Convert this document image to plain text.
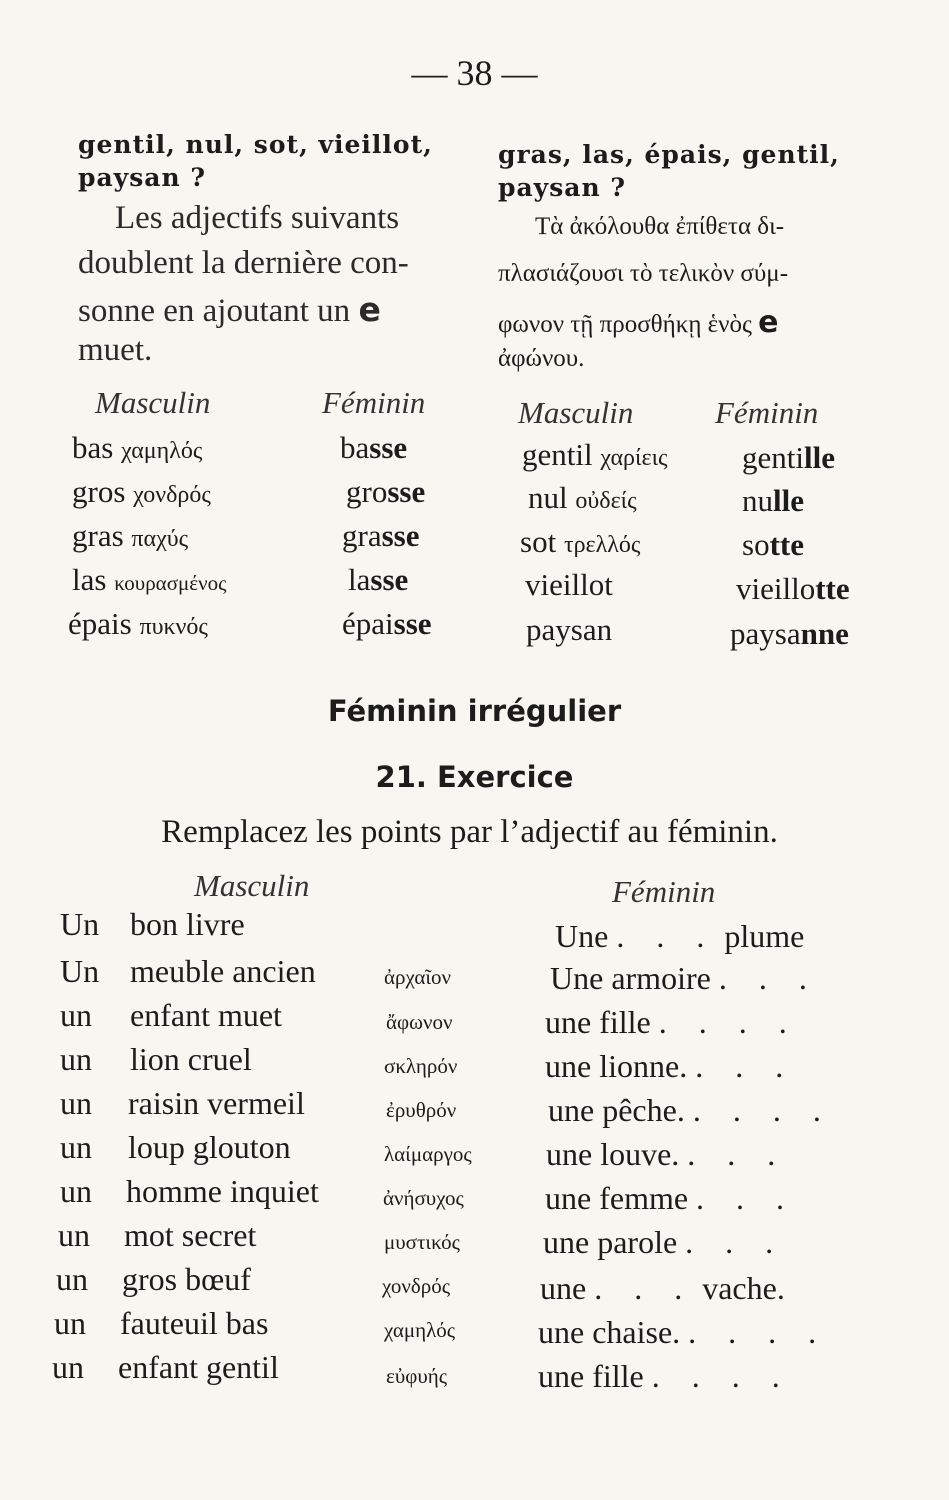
— 38 —
gentil, nul, sot, vieillot,
paysan ?
Les adjectifs suivants
doublent la dernière con-
sonne en ajoutant un e
muet.
Masculin	Féminin
bas χαμηλός	basse
gros χονδρός	grosse
gras παχύς	grasse
las κουρασμένος	lasse
épais πυκνός	épaisse
gras, las, épais, gentil,
paysan ?
Τὰ ἀκόλουθα ἐπίθετα δι-
πλασιάζουσι τὸ τελικὸν σύμ-
φωνον τῇ προσθήκῃ ἑνὸς e
ἀφώνου.
Masculin	Féminin
gentil χαρίεις gentille
nul οὐδείς	nulle
sot τρελλός	sotte
vieillot	vieillotte
paysan	paysanne
Féminin irrégulier
21. Exercice
Remplacez les points par l’adjectif au féminin.
Masculin	Féminin
Un bon livre	Une . . . plume
Un meuble ancien	ἀρχαῖον	Une armoire . . .
un enfant muet	ἄφωνον	une fille . . . .
un lion cruel	σκληρόν	une lionne. . . .
un raisin vermeil	ἐρυθρόν	une pêche. . . . .
un loup glouton	λαίμαργος une louve. . . .
un homme inquiet	ἀνήσυχος	une femme . . .
un mot secret	μυστικός	une parole . . .
un gros bœuf	χονδρός	une . . . vache.
un fauteuil bas	χαμηλός	une chaise. . . . .
un enfant gentil	εὐφυής	une fille . . . .
